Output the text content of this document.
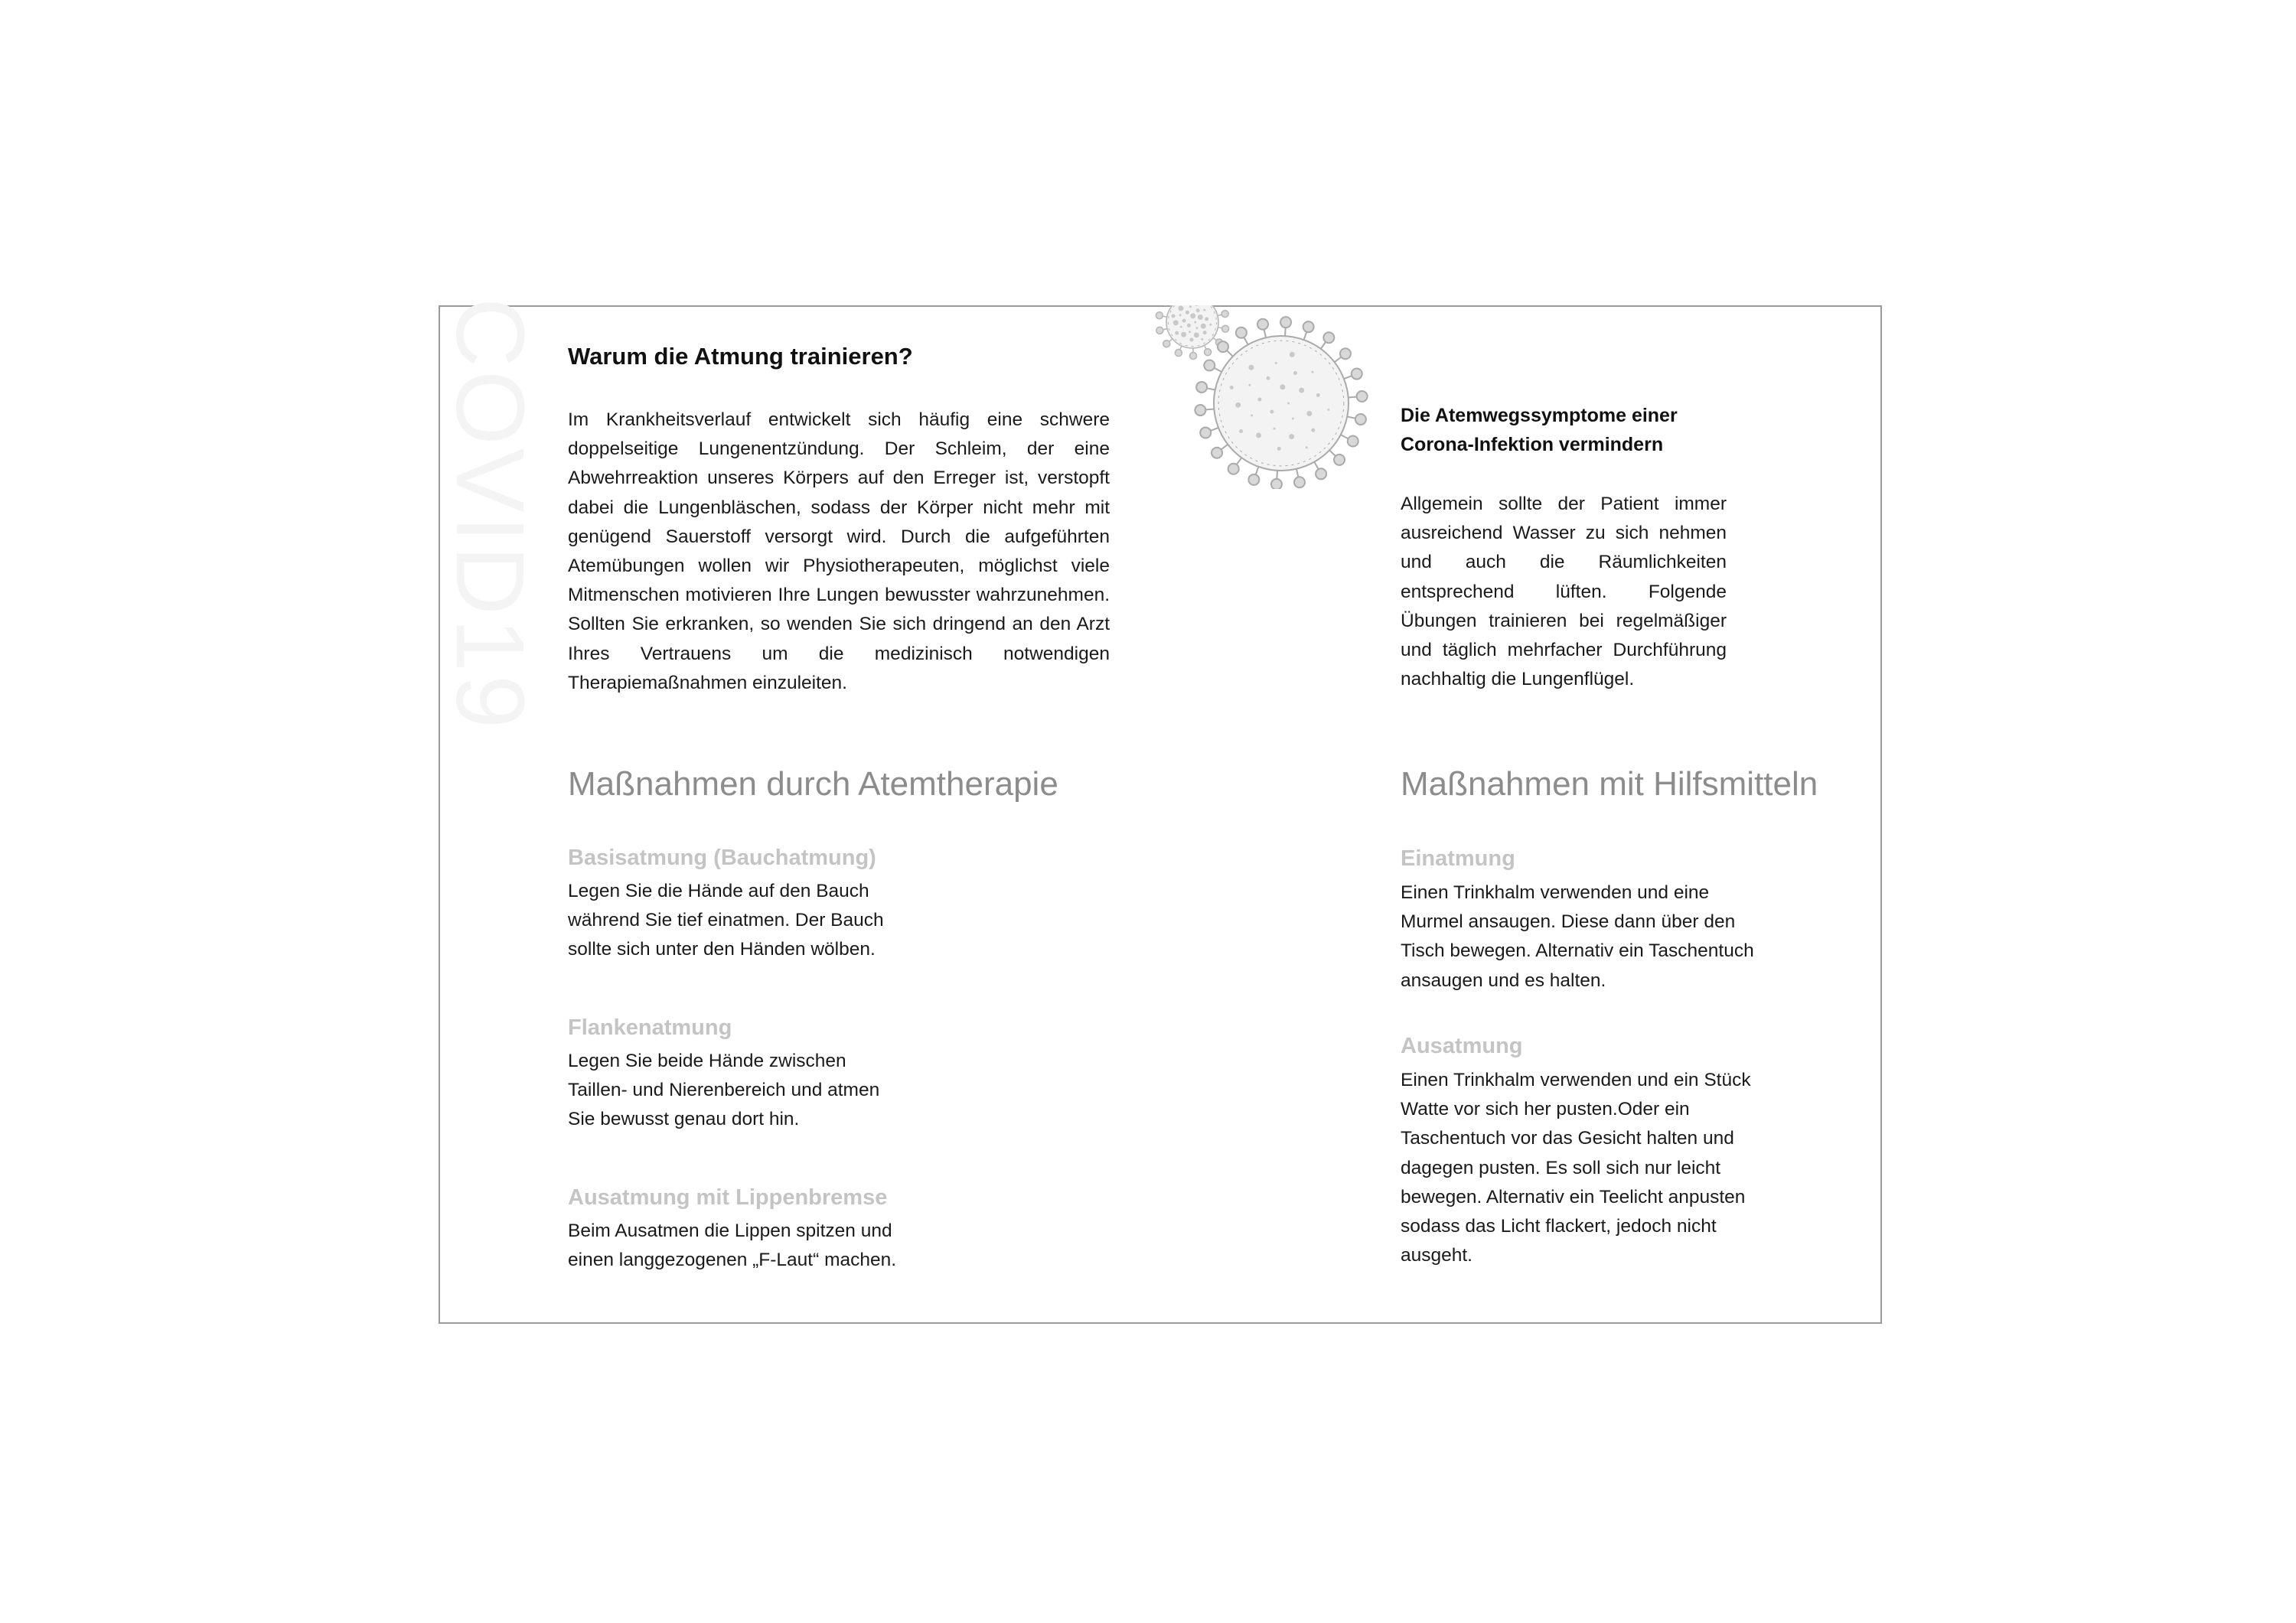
COVID19 Warum die Atmung trainieren?

Im Krankheitsverlauf entwickelt sich häufig eine schwere doppelseitige Lungenentzündung. Der Schleim, der eine Abwehrreaktion unseres Körpers auf den Erreger ist, verstopft dabei die Lungenbläschen, sodass der Körper nicht mehr mit genügend Sauerstoff versorgt wird. Durch die aufgeführten Atemübungen wollen wir Physiotherapeuten, möglichst viele Mitmenschen motivieren Ihre Lungen bewusster wahrzunehmen. Sollten Sie erkranken, so wenden Sie sich dringend an den Arzt Ihres Vertrauens um die medizinisch notwendigen Therapiemaßnahmen einzuleiten.

Maßnahmen durch Atemtherapie
Basisatmung (Bauchatmung)

Legen Sie die Hände auf den Bauch während Sie tief einatmen. Der Bauch sollte sich unter den Händen wölben.

Flankenatmung

Legen Sie beide Hände zwischen Taillen- und Nierenbereich und atmen Sie bewusst genau dort hin.

Ausatmung mit Lippenbremse

Beim Ausatmen die Lippen spitzen und einen langgezogenen „F-Laut“ machen.

Die Atemwegssymptome einer Corona-Infektion vermindern

Allgemein sollte der Patient immer ausreichend Wasser zu sich nehmen und auch die Räumlichkeiten entsprechend lüften. Folgende Übungen trainieren bei regelmäßiger und täglich mehrfacher Durchführung nachhaltig die Lungenflügel.

Maßnahmen mit Hilfsmitteln
Einatmung

Einen Trinkhalm verwenden und eine Murmel ansaugen. Diese dann über den Tisch bewegen. Alternativ ein Taschentuch ansaugen und es halten.

Ausatmung

Einen Trinkhalm verwenden und ein Stück Watte vor sich her pusten.Oder ein Taschentuch vor das Gesicht halten und dagegen pusten. Es soll sich nur leicht bewegen. Alternativ ein Teelicht anpusten sodass das Licht flackert, jedoch nicht ausgeht.
